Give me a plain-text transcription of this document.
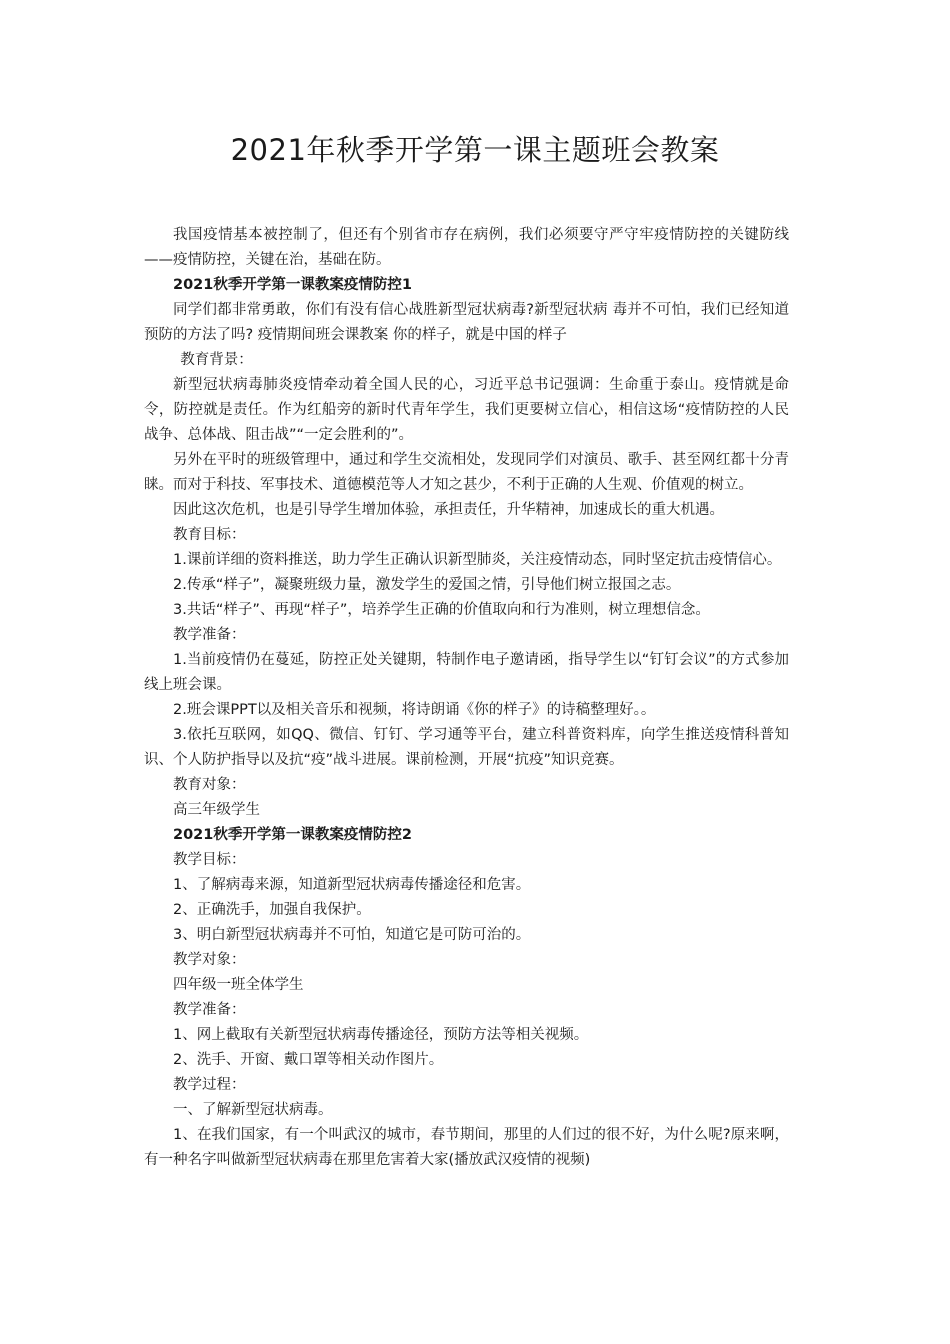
2021年秋季开学第一课主题班会教案

我国疫情基本被控制了，但还有个别省市存在病例，我们必须要守严守牢疫情防控的关键防线——疫情防控，关键在治，基础在防。

2021秋季开学第一课教案疫情防控1

同学们都非常勇敢，你们有没有信心战胜新型冠状病毒?新型冠状病 毒并不可怕，我们已经知道预防的方法了吗? 疫情期间班会课教案 你的样子，就是中国的样子

教育背景：

新型冠状病毒肺炎疫情牵动着全国人民的心，习近平总书记强调：生命重于泰山。疫情就是命令，防控就是责任。作为红船旁的新时代青年学生，我们更要树立信心，相信这场“疫情防控的人民战争、总体战、阻击战”“一定会胜利的”。

另外在平时的班级管理中，通过和学生交流相处，发现同学们对演员、歌手、甚至网红都十分青睐。而对于科技、军事技术、道德模范等人才知之甚少，不利于正确的人生观、价值观的树立。

因此这次危机，也是引导学生增加体验，承担责任，升华精神，加速成长的重大机遇。

教育目标：

1.课前详细的资料推送，助力学生正确认识新型肺炎，关注疫情动态，同时坚定抗击疫情信心。

2.传承“样子”，凝聚班级力量，激发学生的爱国之情，引导他们树立报国之志。

3.共话“样子”、再现“样子”，培养学生正确的价值取向和行为准则，树立理想信念。

教学准备：

1.当前疫情仍在蔓延，防控正处关键期，特制作电子邀请函，指导学生以“钉钉会议”的方式参加线上班会课。

2.班会课PPT以及相关音乐和视频，将诗朗诵《你的样子》的诗稿整理好。。

3.依托互联网，如QQ、微信、钉钉、学习通等平台，建立科普资料库，向学生推送疫情科普知识、个人防护指导以及抗“疫”战斗进展。课前检测，开展“抗疫”知识竞赛。

教育对象：

高三年级学生

2021秋季开学第一课教案疫情防控2

教学目标：

1、了解病毒来源，知道新型冠状病毒传播途径和危害。

2、正确洗手，加强自我保护。

3、明白新型冠状病毒并不可怕，知道它是可防可治的。

教学对象：

四年级一班全体学生

教学准备：

1、网上截取有关新型冠状病毒传播途径，预防方法等相关视频。

2、洗手、开窗、戴口罩等相关动作图片。

教学过程：

一、了解新型冠状病毒。

1、在我们国家，有一个叫武汉的城市，春节期间，那里的人们过的很不好，为什么呢?原来啊，有一种名字叫做新型冠状病毒在那里危害着大家(播放武汉疫情的视频)
